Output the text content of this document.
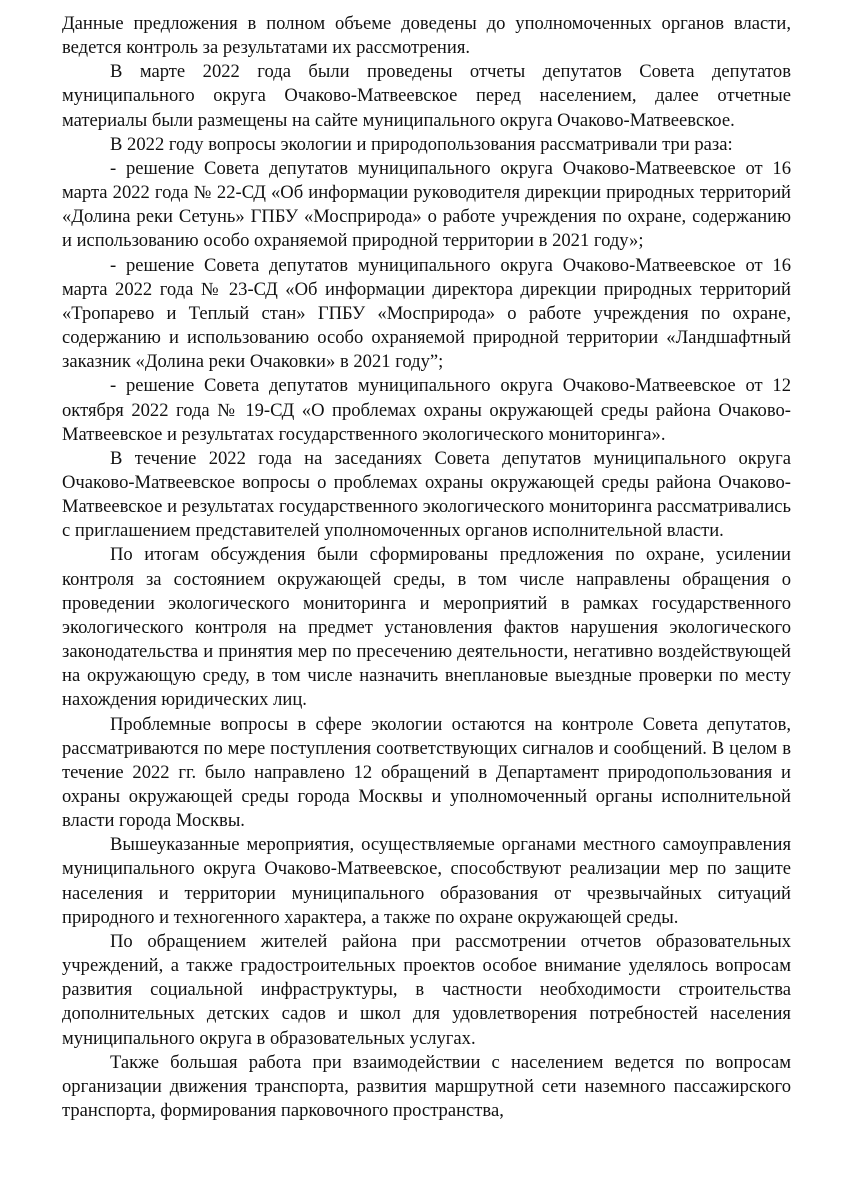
Данные предложения в полном объеме доведены до уполномоченных органов власти, ведется контроль за результатами их рассмотрения.

В марте 2022 года были проведены отчеты депутатов Совета депутатов муниципального округа Очаково-Матвеевское перед населением, далее отчетные материалы были размещены на сайте муниципального округа Очаково-Матвеевское.

В 2022 году вопросы экологии и природопользования рассматривали три раза:

- решение Совета депутатов муниципального округа Очаково-Матвеевское от 16 марта 2022 года № 22-СД «Об информации руководителя дирекции природных территорий «Долина реки Сетунь» ГПБУ «Мосприрода» о работе учреждения по охране, содержанию и использованию особо охраняемой природной территории в 2021 году»;

- решение Совета депутатов муниципального округа Очаково-Матвеевское от 16 марта 2022 года № 23-СД «Об информации директора дирекции природных территорий «Тропарево и Теплый стан» ГПБУ «Мосприрода» о работе учреждения по охране, содержанию и использованию особо охраняемой природной территории «Ландшафтный заказник «Долина реки Очаковки» в 2021 году”;

- решение Совета депутатов муниципального округа Очаково-Матвеевское от 12 октября 2022 года № 19-СД «О проблемах охраны окружающей среды района Очаково-Матвеевское и результатах государственного экологического мониторинга».

В течение 2022 года на заседаниях Совета депутатов муниципального округа Очаково-Матвеевское вопросы о проблемах охраны окружающей среды района Очаково-Матвеевское и результатах государственного экологического мониторинга рассматривались с приглашением представителей уполномоченных органов исполнительной власти.

По итогам обсуждения были сформированы предложения по охране, усилении контроля за состоянием окружающей среды, в том числе направлены обращения о проведении экологического мониторинга и мероприятий в рамках государственного экологического контроля на предмет установления фактов нарушения экологического законодательства и принятия мер по пресечению деятельности, негативно воздействующей на окружающую среду, в том числе назначить внеплановые выездные проверки по месту нахождения юридических лиц.

Проблемные вопросы в сфере экологии остаются на контроле Совета депутатов, рассматриваются по мере поступления соответствующих сигналов и сообщений. В целом в течение 2022 гг. было направлено 12 обращений в Департамент природопользования и охраны окружающей среды города Москвы и уполномоченный органы исполнительной власти города Москвы.

Вышеуказанные мероприятия, осуществляемые органами местного самоуправления муниципального округа Очаково-Матвеевское, способствуют реализации мер по защите населения и территории муниципального образования от чрезвычайных ситуаций природного и техногенного характера, а также по охране окружающей среды.

По обращением жителей района при рассмотрении отчетов образовательных учреждений, а также градостроительных проектов особое внимание уделялось вопросам развития социальной инфраструктуры, в частности необходимости строительства дополнительных детских садов и школ для удовлетворения потребностей населения муниципального округа в образовательных услугах.

Также большая работа при взаимодействии с населением ведется по вопросам организации движения транспорта, развития маршрутной сети наземного пассажирского транспорта, формирования парковочного пространства,
